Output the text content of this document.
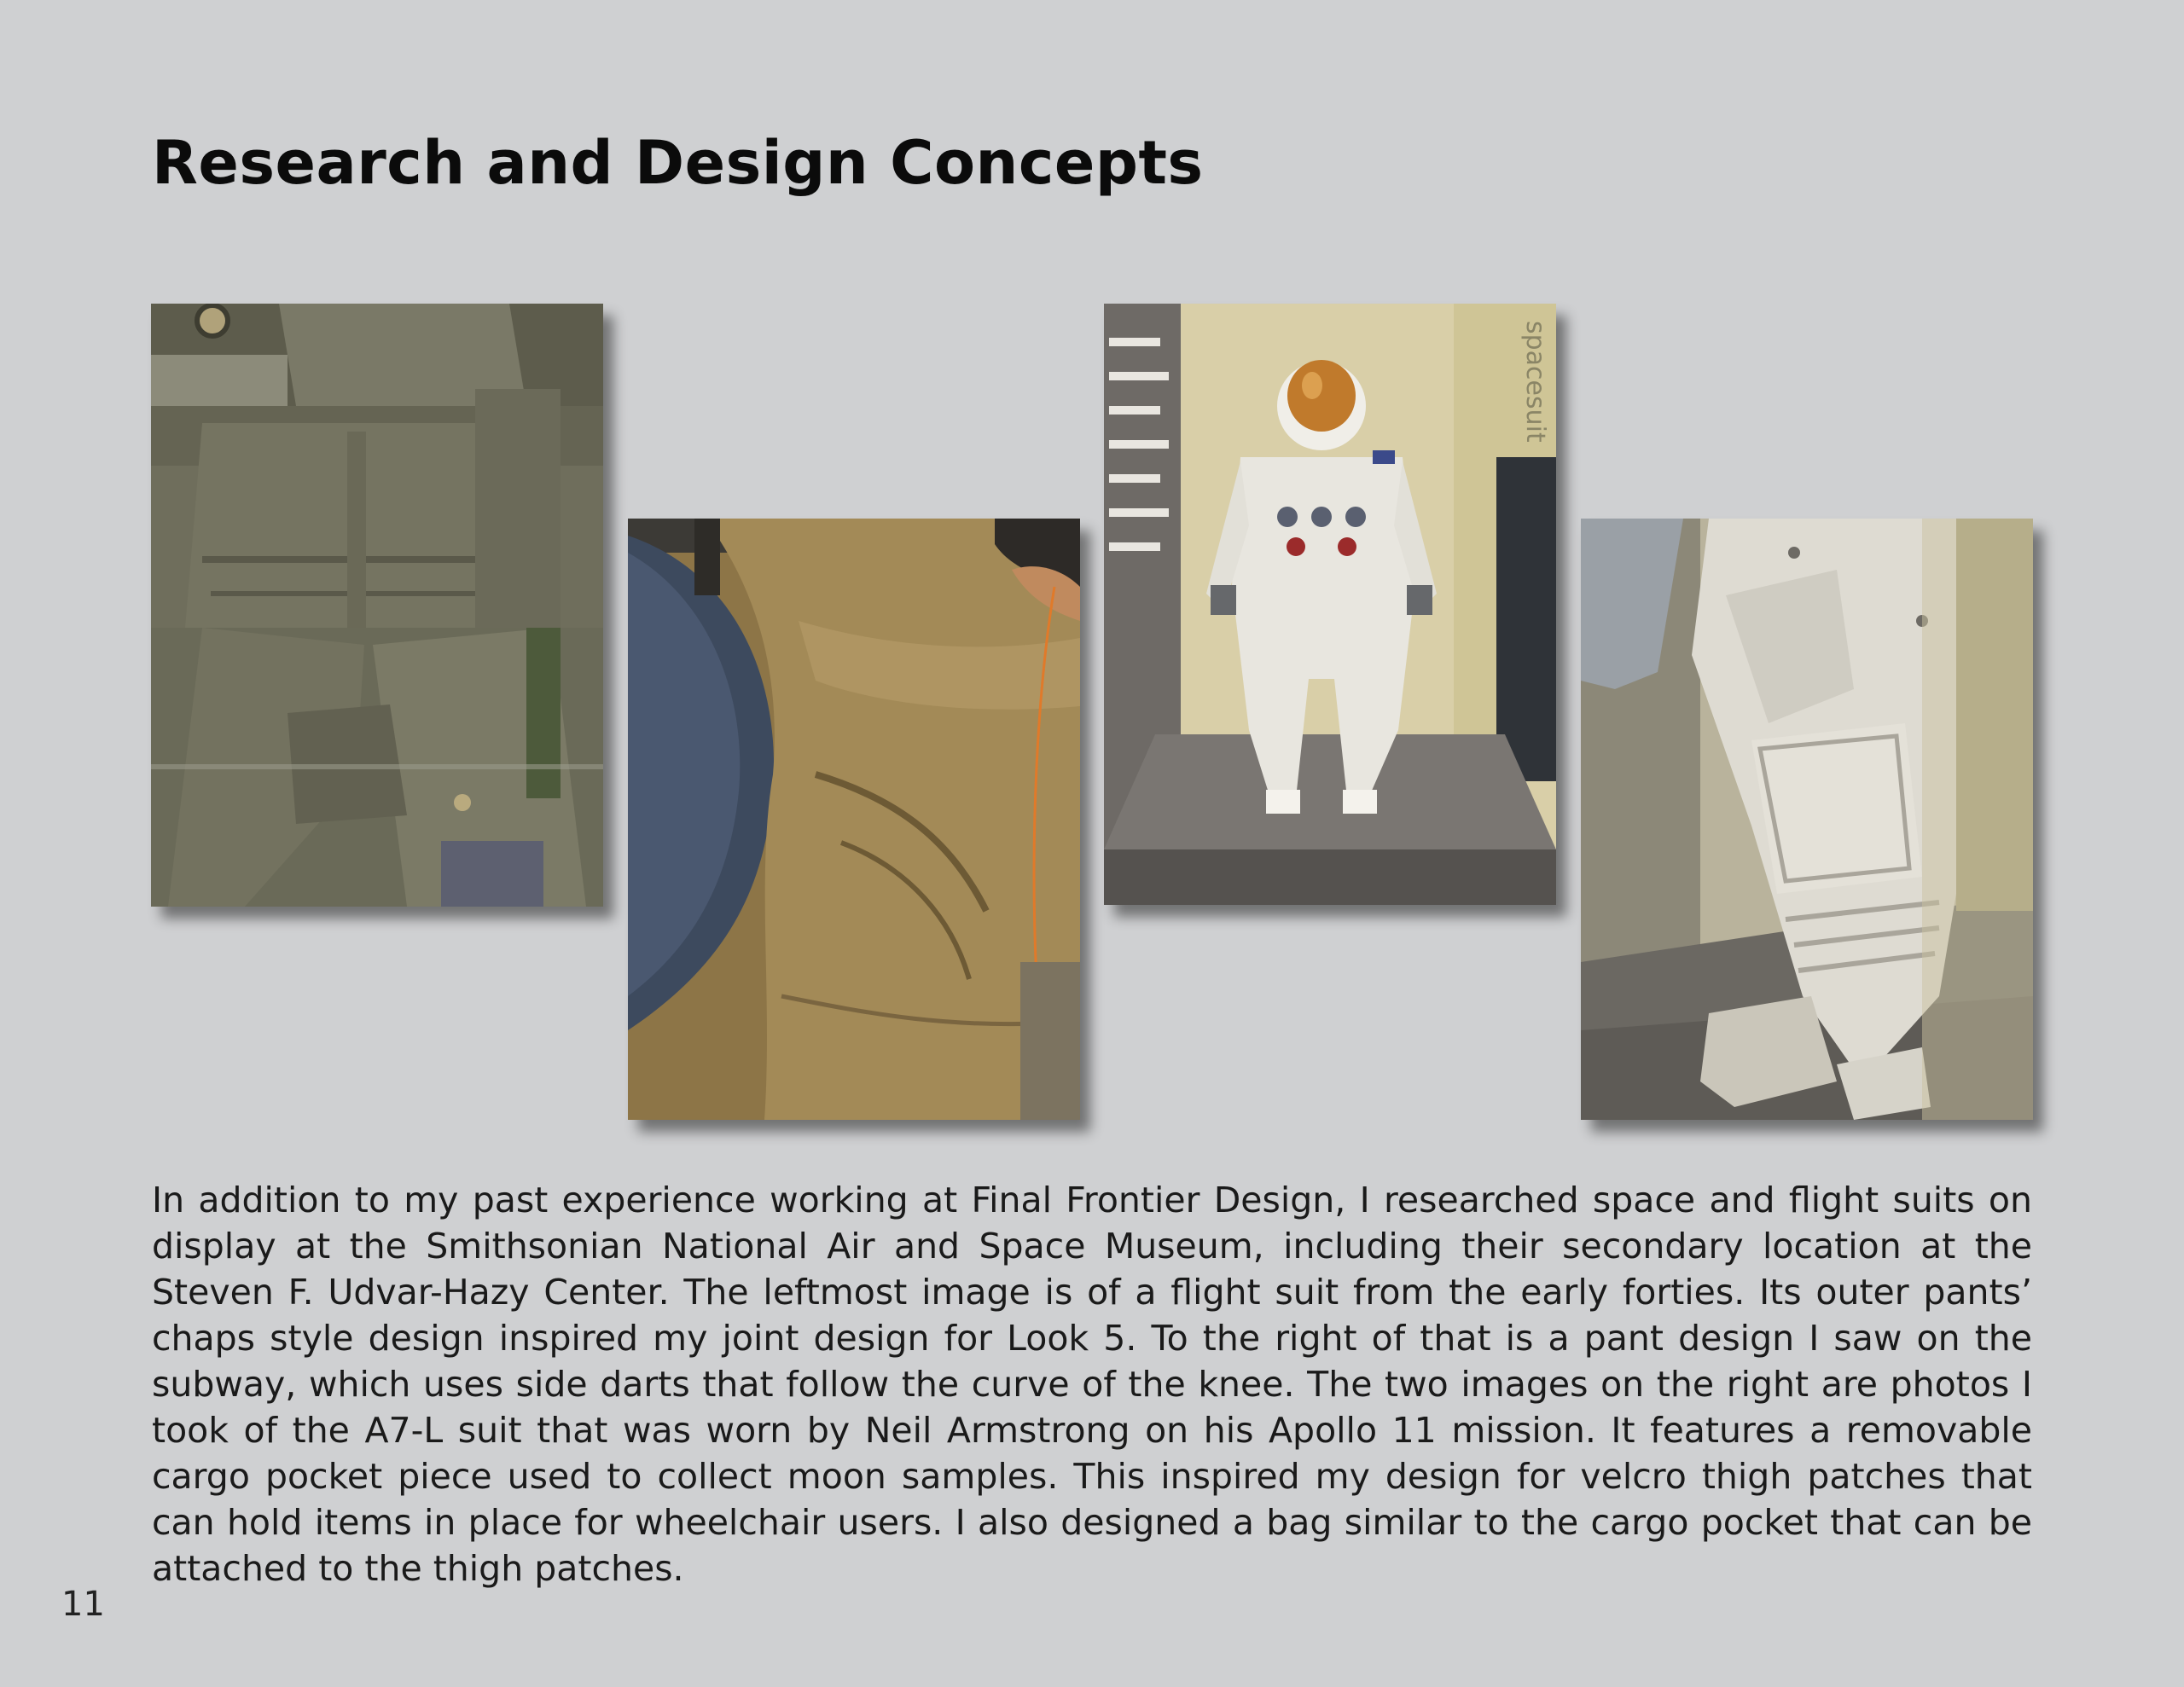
Research and Design Concepts
spacesuit

In addition to my past experience working at Final Frontier Design, I researched space and flight suits on display at the Smithsonian National Air and Space Museum, including their secondary location at the Steven F. Udvar-Hazy Center. The leftmost image is of a flight suit from the early forties. Its outer pants’ chaps style design inspired my joint design for Look 5. To the right of that is a pant design I saw on the subway, which uses side darts that follow the curve of the knee. The two images on the right are photos I took of the A7-L suit that was worn by Neil Armstrong on his Apollo 11 mission. It features a removable cargo pocket piece used to collect moon samples. This inspired my design for velcro thigh patches that can hold items in place for wheelchair users. I also designed a bag similar to the cargo pocket that can be attached to the thigh patches.

11
